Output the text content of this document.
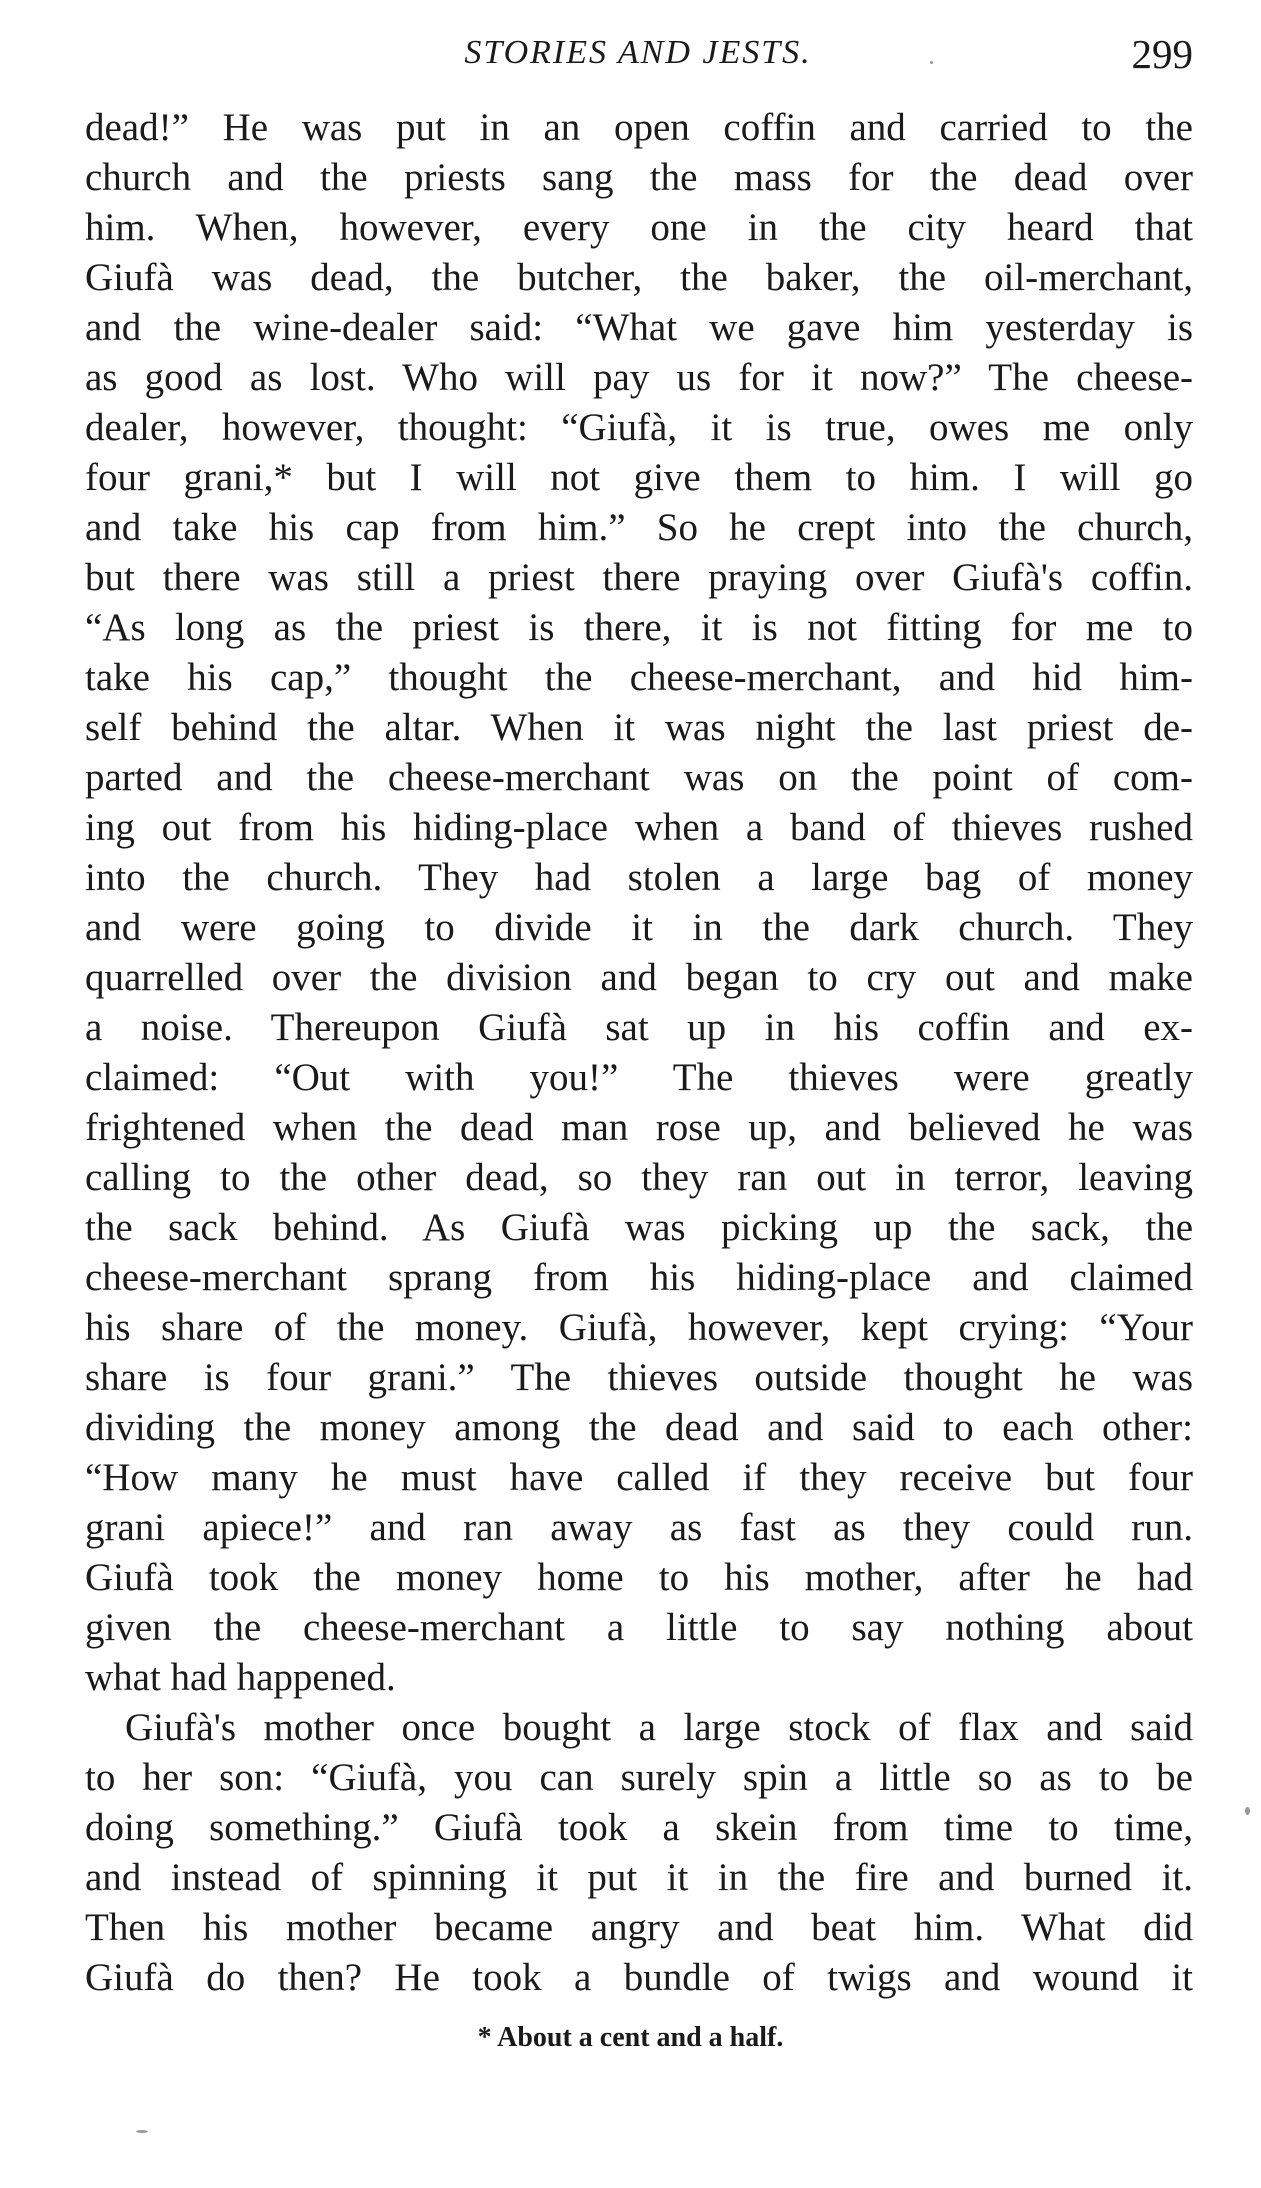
STORIES AND JESTS.	299
dead!” He was put in an open coffin and carried to the
church and the priests sang the mass for the dead over
him. When, however, every one in the city heard that
Giufà was dead, the butcher, the baker, the oil-merchant,
and the wine-dealer said: “What we gave him yesterday is
as good as lost. Who will pay us for it now?” The cheese-
dealer, however, thought: “Giufà, it is true, owes me only
four grani,* but I will not give them to him. I will go
and take his cap from him.” So he crept into the church,
but there was still a priest there praying over Giufà's coffin.
“As long as the priest is there, it is not fitting for me to
take his cap,” thought the cheese-merchant, and hid him-
self behind the altar. When it was night the last priest de-
parted and the cheese-merchant was on the point of com-
ing out from his hiding-place when a band of thieves rushed
into the church. They had stolen a large bag of money
and were going to divide it in the dark church. They
quarrelled over the division and began to cry out and make
a noise. Thereupon Giufà sat up in his coffin and ex-
claimed: “Out with you!” The thieves were greatly
frightened when the dead man rose up, and believed he was
calling to the other dead, so they ran out in terror, leaving
the sack behind. As Giufà was picking up the sack, the
cheese-merchant sprang from his hiding-place and claimed
his share of the money. Giufà, however, kept crying: “Your
share is four grani.” The thieves outside thought he was
dividing the money among the dead and said to each other:
“How many he must have called if they receive but four
grani apiece!” and ran away as fast as they could run.
Giufà took the money home to his mother, after he had
given the cheese-merchant a little to say nothing about
what had happened.
Giufà's mother once bought a large stock of flax and said
to her son: “Giufà, you can surely spin a little so as to be
doing something.” Giufà took a skein from time to time,
and instead of spinning it put it in the fire and burned it.
Then his mother became angry and beat him. What did
Giufà do then? He took a bundle of twigs and wound it
* About a cent and a half.
